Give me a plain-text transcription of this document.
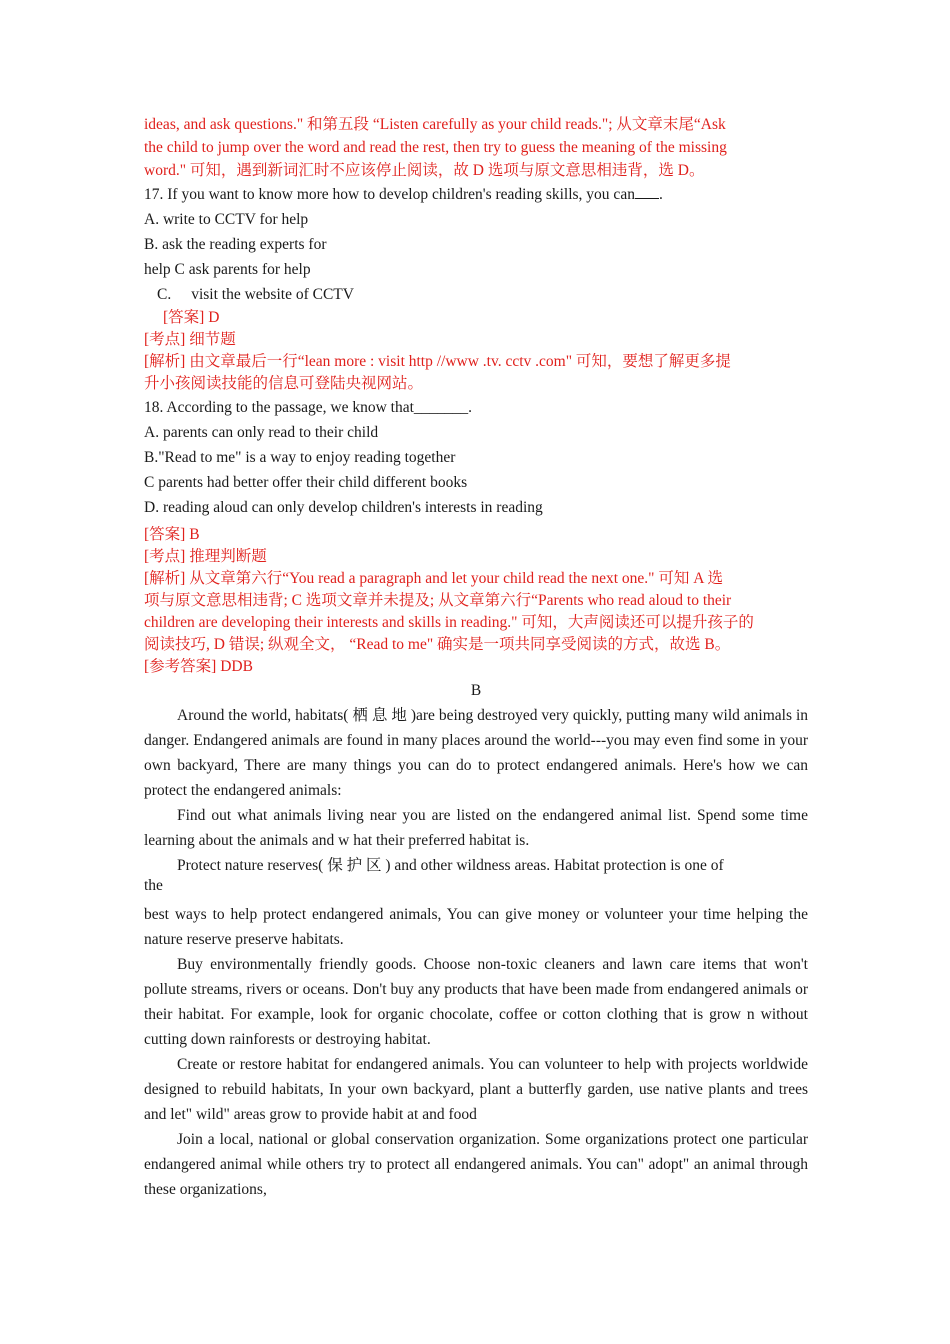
ideas, and ask questions." 和第五段 “Listen carefully as your child reads."; 从文章末尾“Ask
the child to jump over the word and read the rest, then try to guess the meaning of the missing
word." 可知，遇到新词汇时不应该停止阅读，故 D 选项与原文意思相违背，选 D。
17. If you want to know more how to develop children's reading skills, you can .
A. write to CCTV for help
B. ask the reading experts for
help C ask parents for help
C. visit the website of CCTV
[答案] D
[考点] 细节题
[解析] 由文章最后一行“lean more : visit http //www .tv. cctv .com" 可知，要想了解更多提
升小孩阅读技能的信息可登陆央视网站。
18. According to the passage, we know that_______.
A. parents can only read to their child
B."Read to me" is a way to enjoy reading together
C parents had better offer their child different books
D. reading aloud can only develop children's interests in reading
[答案] B
[考点] 推理判断题
[解析] 从文章第六行“You read a paragraph and let your child read the next one." 可知 A 选
项与原文意思相违背; C 选项文章并未提及; 从文章第六行“Parents who read aloud to their
children are developing their interests and skills in reading." 可知，大声阅读还可以提升孩子的
阅读技巧, D 错误; 纵观全文， “Read to me" 确实是一项共同享受阅读的方式，故选 B。
[参考答案] DDB
B
Around the world, habitats( 栖 息 地 )are being destroyed very quickly, putting many wild animals in danger. Endangered animals are found in many places around the world---you may even find some in your own backyard, There are many things you can do to protect endangered animals. Here's how we can protect the endangered animals:
Find out what animals living near you are listed on the endangered animal list. Spend some time learning about the animals and w hat their preferred habitat is.
Protect nature reserves( 保 护 区 ) and other wildness areas. Habitat protection is one of
the
best ways to help protect endangered animals, You can give money or volunteer your time helping the nature reserve preserve habitats.
Buy environmentally friendly goods. Choose non-toxic cleaners and lawn care items that won't pollute streams, rivers or oceans. Don't buy any products that have been made from endangered animals or their habitat. For example, look for organic chocolate, coffee or cotton clothing that is grow n without cutting down rainforests or destroying habitat.
Create or restore habitat for endangered animals. You can volunteer to help with projects worldwide designed to rebuild habitats, In your own backyard, plant a butterfly garden, use native plants and trees and let" wild" areas grow to provide habit at and food
Join a local, national or global conservation organization. Some organizations protect one particular endangered animal while others try to protect all endangered animals. You can" adopt" an animal through these organizations,
